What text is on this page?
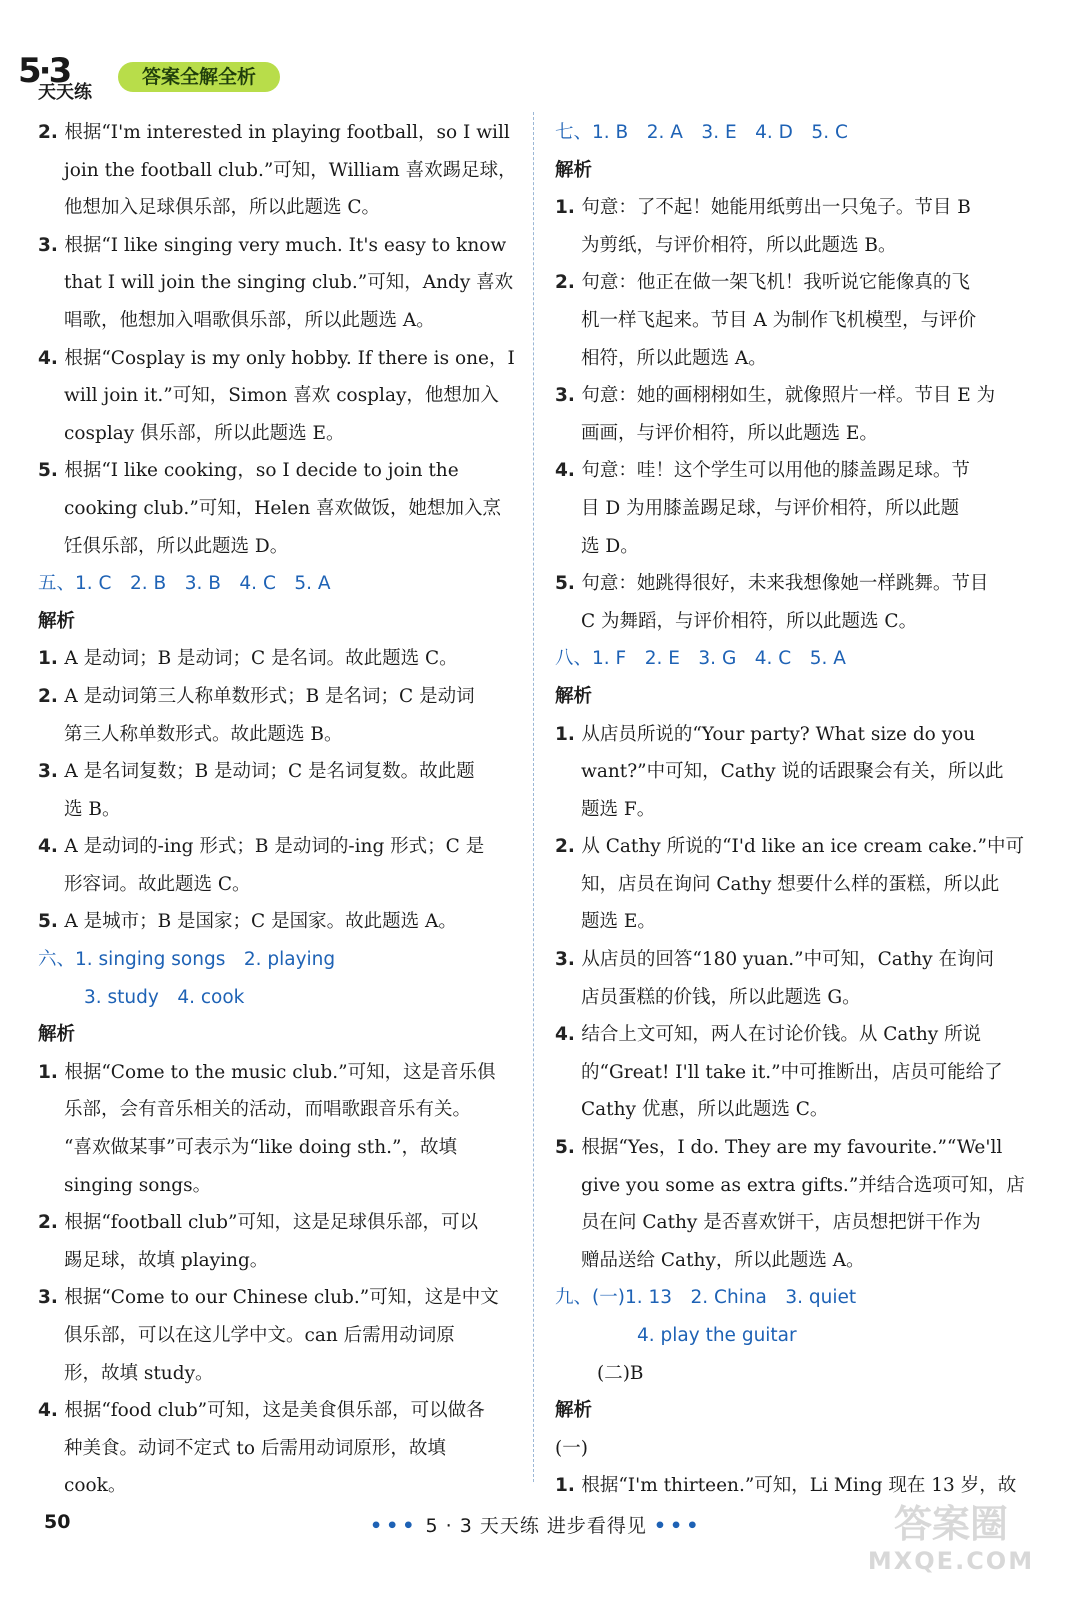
5·3
天天练
答案全解全析
2. 根据“I'm interested in playing football，so I will
join the football club.”可知，William 喜欢踢足球，
他想加入足球俱乐部，所以此题选 C。
3. 根据“I like singing very much. It's easy to know
that I will join the singing club.”可知，Andy 喜欢
唱歌，他想加入唱歌俱乐部，所以此题选 A。
4. 根据“Cosplay is my only hobby. If there is one，I
will join it.”可知，Simon 喜欢 cosplay，他想加入
cosplay 俱乐部，所以此题选 E。
5. 根据“I like cooking，so I decide to join the
cooking club.”可知，Helen 喜欢做饭，她想加入烹
饪俱乐部，所以此题选 D。
五、1. C　2. B　3. B　4. C　5. A
解析
1. A 是动词；B 是动词；C 是名词。故此题选 C。
2. A 是动词第三人称单数形式；B 是名词；C 是动词
第三人称单数形式。故此题选 B。
3. A 是名词复数；B 是动词；C 是名词复数。故此题
选 B。
4. A 是动词的-ing 形式；B 是动词的-ing 形式；C 是
形容词。故此题选 C。
5. A 是城市；B 是国家；C 是国家。故此题选 A。
六、1. singing songs　2. playing
3. study　4. cook
解析
1. 根据“Come to the music club.”可知，这是音乐俱
乐部，会有音乐相关的活动，而唱歌跟音乐有关。
“喜欢做某事”可表示为“like doing sth.”，故填
singing songs。
2. 根据“football club”可知，这是足球俱乐部，可以
踢足球，故填 playing。
3. 根据“Come to our Chinese club.”可知，这是中文
俱乐部，可以在这儿学中文。can 后需用动词原
形，故填 study。
4. 根据“food club”可知，这是美食俱乐部，可以做各
种美食。动词不定式 to 后需用动词原形，故填
cook。
七、1. B　2. A　3. E　4. D　5. C
解析
1. 句意：了不起！她能用纸剪出一只兔子。节目 B
为剪纸，与评价相符，所以此题选 B。
2. 句意：他正在做一架飞机！我听说它能像真的飞
机一样飞起来。节目 A 为制作飞机模型，与评价
相符，所以此题选 A。
3. 句意：她的画栩栩如生，就像照片一样。节目 E 为
画画，与评价相符，所以此题选 E。
4. 句意：哇！这个学生可以用他的膝盖踢足球。节
目 D 为用膝盖踢足球，与评价相符，所以此题
选 D。
5. 句意：她跳得很好，未来我想像她一样跳舞。节目
C 为舞蹈，与评价相符，所以此题选 C。
八、1. F　2. E　3. G　4. C　5. A
解析
1. 从店员所说的“Your party? What size do you
want?”中可知，Cathy 说的话跟聚会有关，所以此
题选 F。
2. 从 Cathy 所说的“I'd like an ice cream cake.”中可
知，店员在询问 Cathy 想要什么样的蛋糕，所以此
题选 E。
3. 从店员的回答“180 yuan.”中可知，Cathy 在询问
店员蛋糕的价钱，所以此题选 G。
4. 结合上文可知，两人在讨论价钱。从 Cathy 所说
的“Great! I'll take it.”中可推断出，店员可能给了
Cathy 优惠，所以此题选 C。
5. 根据“Yes，I do. They are my favourite.”“We'll
give you some as extra gifts.”并结合选项可知，店
员在问 Cathy 是否喜欢饼干，店员想把饼干作为
赠品送给 Cathy，所以此题选 A。
九、(一)1. 13　2. China　3. quiet
4. play the guitar
(二)B
解析
(一)
1. 根据“I'm thirteen.”可知，Li Ming 现在 13 岁，故
50	••• 5 · 3 天天练 进步看得见 •••	答案圈
MXQE.COM
